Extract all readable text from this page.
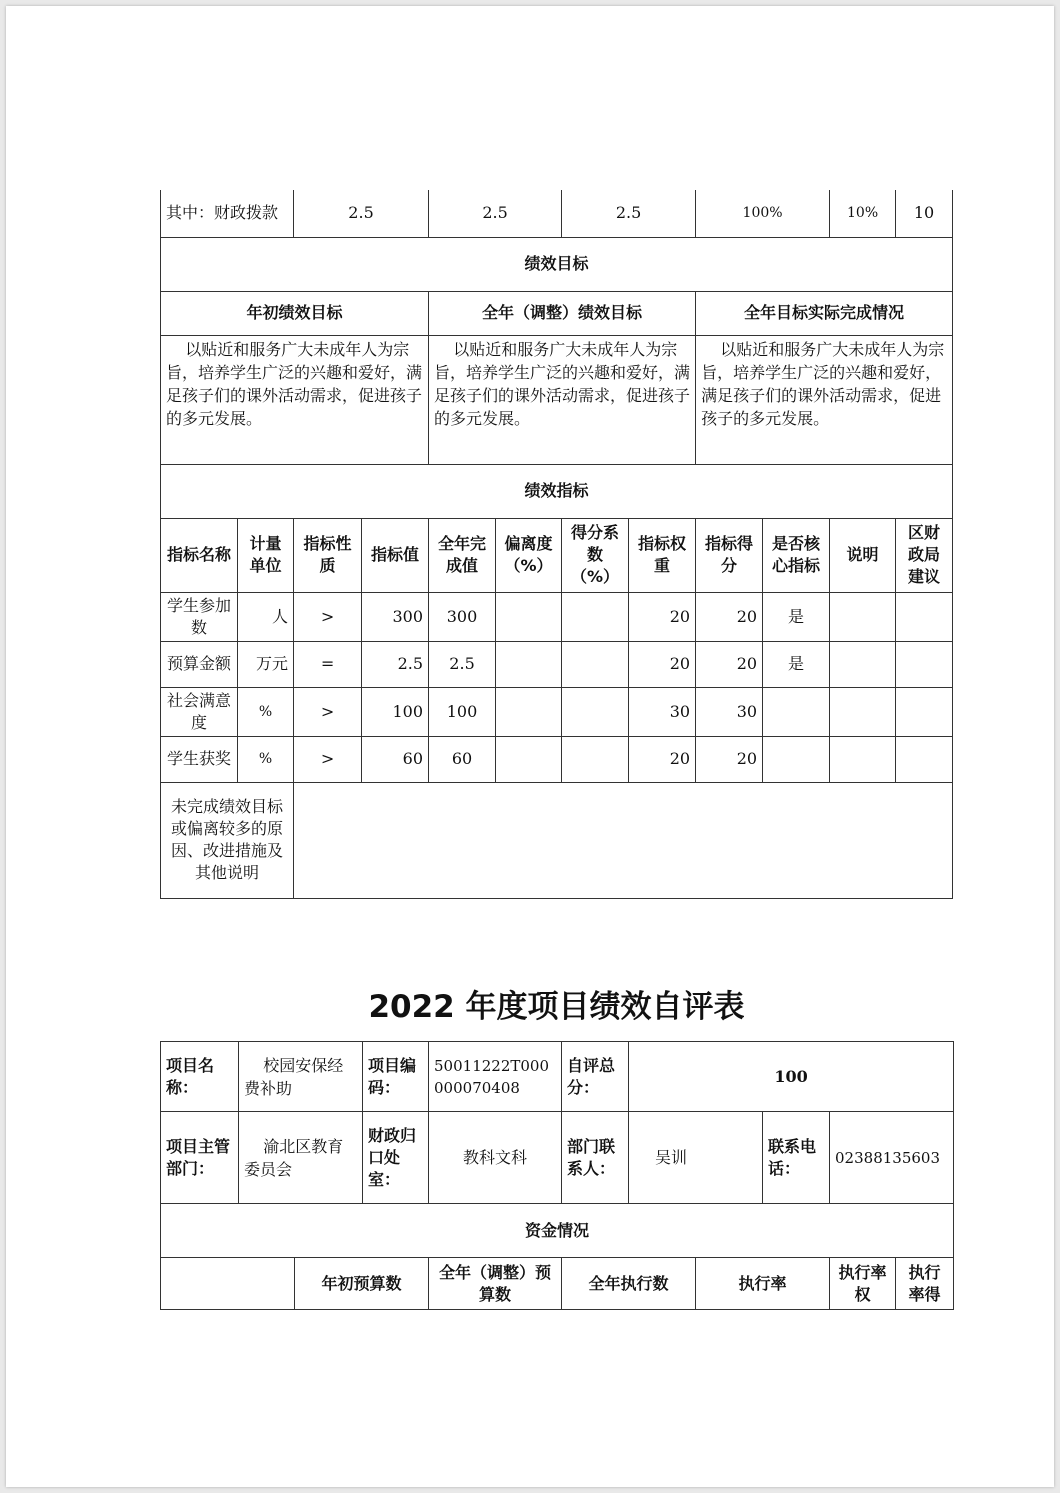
其中：财政拨款		2.5		2.5		2.5		100%		10%	10
绩效目标											
年初绩效目标				全年（调整）绩效目标				全年目标实际完成情况			
以贴近和服务广大未成年人为宗旨，培养学生广泛的兴趣和爱好，满足孩子们的课外活动需求，促进孩子的多元发展。				以贴近和服务广大未成年人为宗旨，培养学生广泛的兴趣和爱好，满足孩子们的课外活动需求，促进孩子的多元发展。				以贴近和服务广大未成年人为宗旨，培养学生广泛的兴趣和爱好，满足孩子们的课外活动需求，促进孩子的多元发展。			
绩效指标											
指标名称	计量单位	指标性质	指标值	全年完成值	偏离度（%）	得分系数（%）	指标权重	指标得分	是否核心指标	说明	区财政局建议
学生参加数	人	>	300	300			20	20	是		
预算金额	万元	=	2.5	2.5			20	20	是		
社会满意度	%	>	100	100			30	30			
学生获奖	%	>	60	60			20	20			
未完成绩效目标或偏离较多的原因、改进措施及其他说明											
2022 年度项目绩效自评表
项目名称：	校园安保经费补助		项目编码：	50011222T000000070408	自评总分：	100				
项目主管部门：	渝北区教育委员会		财政归口处室：	教科文科	部门联系人：	吴训		联系电话：	02388135603	
资金情况										
		年初预算数		全年（调整）预算数	全年执行数		执行率		执行率权	执行率得
